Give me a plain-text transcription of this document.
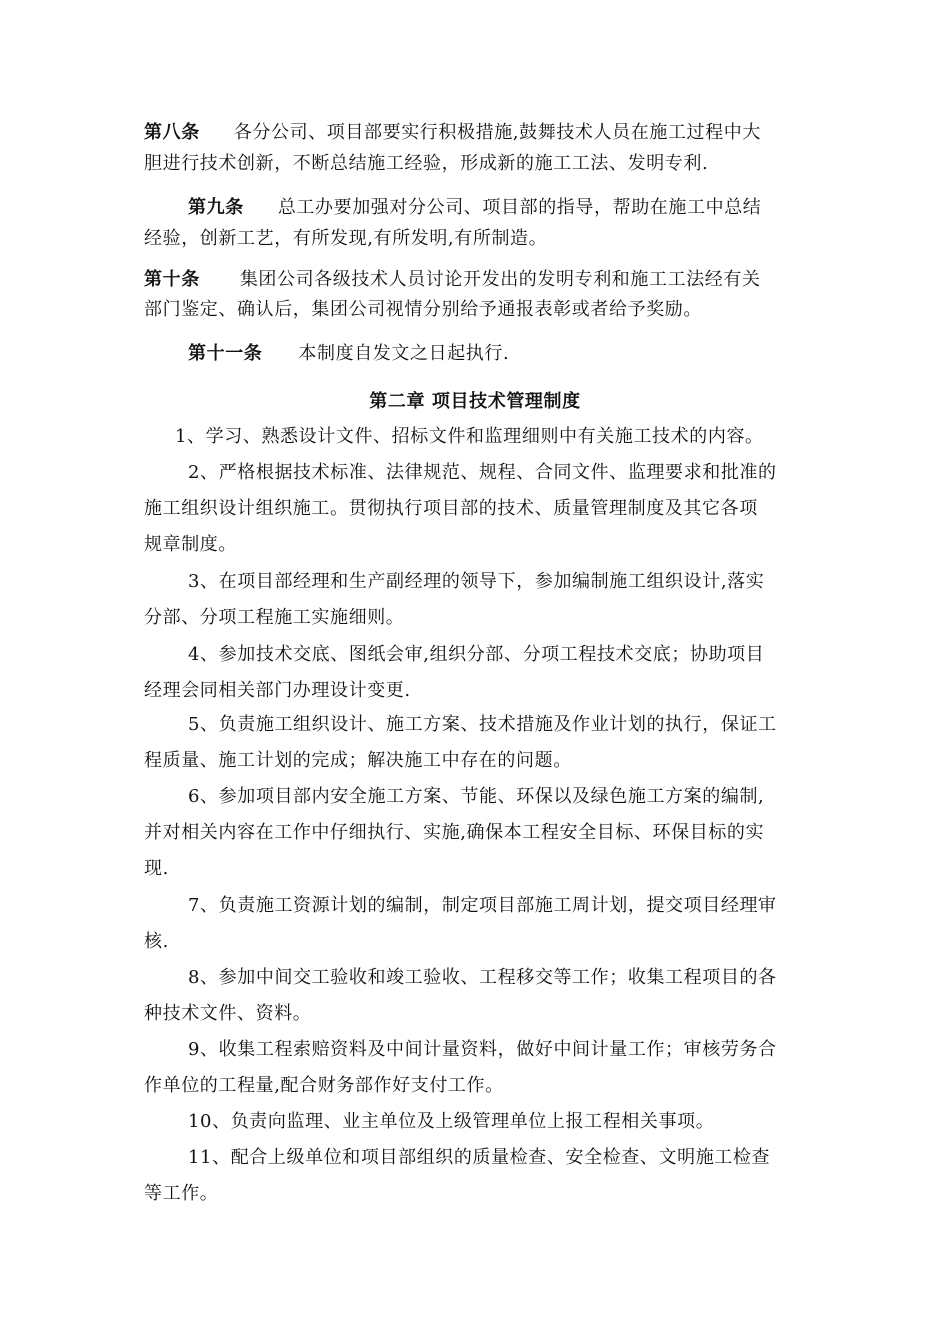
第八条 各分公司、项目部要实行积极措施,鼓舞技术人员在施工过程中大
胆进行技术创新，不断总结施工经验，形成新的施工工法、发明专利.
第九条 总工办要加强对分公司、项目部的指导，帮助在施工中总结
经验，创新工艺，有所发现,有所发明,有所制造。
第十条 集团公司各级技术人员讨论开发出的发明专利和施工工法经有关
部门鉴定、确认后，集团公司视情分别给予通报表彰或者给予奖励。
第十一条 本制度自发文之日起执行.
第二章 项目技术管理制度
1、学习、熟悉设计文件、招标文件和监理细则中有关施工技术的内容。
2、严格根据技术标准、法律规范、规程、合同文件、监理要求和批准的
施工组织设计组织施工。贯彻执行项目部的技术、质量管理制度及其它各项
规章制度。
3、在项目部经理和生产副经理的领导下，参加编制施工组织设计,落实
分部、分项工程施工实施细则。
4、参加技术交底、图纸会审,组织分部、分项工程技术交底；协助项目
经理会同相关部门办理设计变更.
5、负责施工组织设计、施工方案、技术措施及作业计划的执行，保证工
程质量、施工计划的完成；解决施工中存在的问题。
6、参加项目部内安全施工方案、节能、环保以及绿色施工方案的编制,
并对相关内容在工作中仔细执行、实施,确保本工程安全目标、环保目标的实
现.
7、负责施工资源计划的编制，制定项目部施工周计划，提交项目经理审
核.
8、参加中间交工验收和竣工验收、工程移交等工作；收集工程项目的各
种技术文件、资料。
9、收集工程索赔资料及中间计量资料，做好中间计量工作；审核劳务合
作单位的工程量,配合财务部作好支付工作。
10、负责向监理、业主单位及上级管理单位上报工程相关事项。
11、配合上级单位和项目部组织的质量检查、安全检查、文明施工检查
等工作。
